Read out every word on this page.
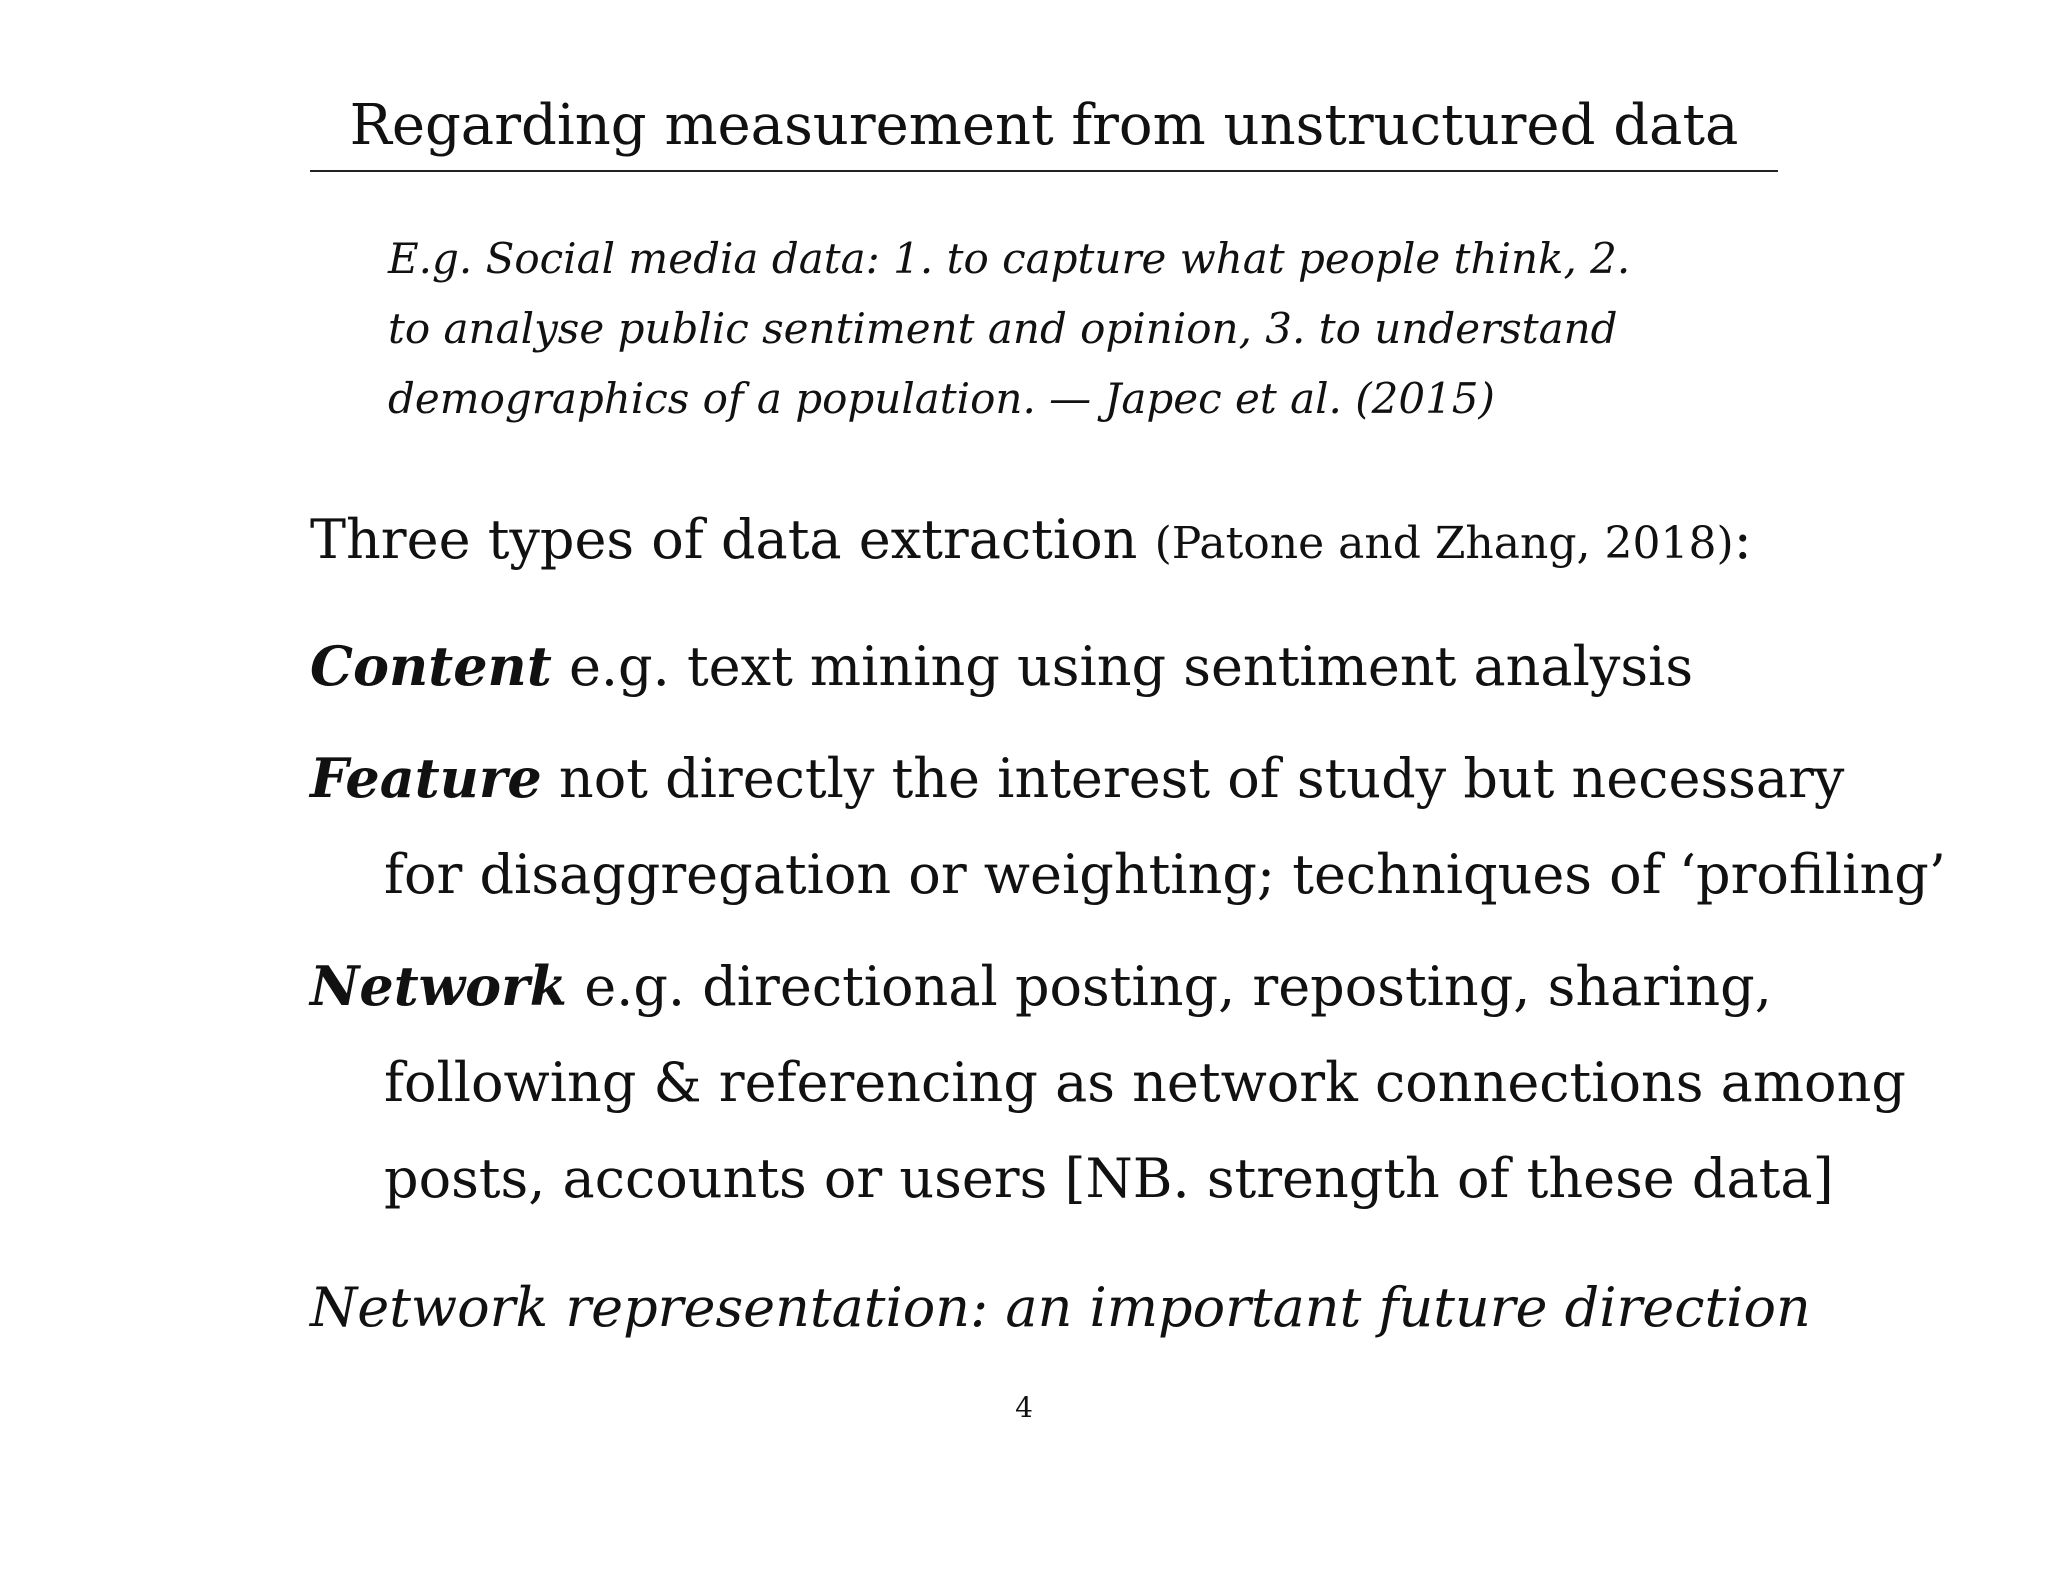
Regarding measurement from unstructured data
E.g. Social media data: 1. to capture what people think, 2.
to analyse public sentiment and opinion, 3. to understand
demographics of a population. — Japec et al. (2015)
Three types of data extraction (Patone and Zhang, 2018):
Content e.g. text mining using sentiment analysis
Feature not directly the interest of study but necessary
for disaggregation or weighting; techniques of ‘profiling’
Network e.g. directional posting, reposting, sharing,
following & referencing as network connections among
posts, accounts or users [NB. strength of these data]
Network representation: an important future direction
4
